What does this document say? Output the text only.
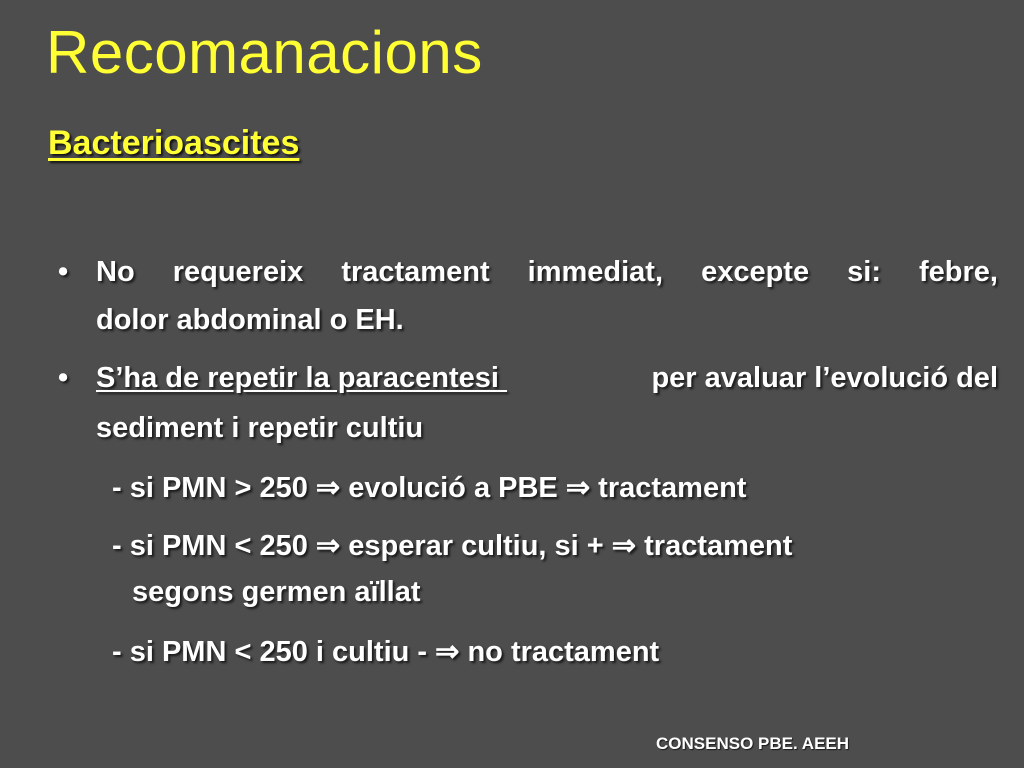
Recomanacions
Bacterioascites
• No requereix tractament immediat, excepte si: febre,
dolor abdominal o EH.
• S’ha de repetir la paracentesi	per avaluar l’evolució del
sediment i repetir cultiu
- si PMN > 250 ⇒ evolució a PBE ⇒ tractament
- si PMN < 250 ⇒ esperar cultiu, si + ⇒ tractament
segons germen aïllat
- si PMN < 250 i cultiu - ⇒ no tractament
CONSENSO PBE. AEEH
